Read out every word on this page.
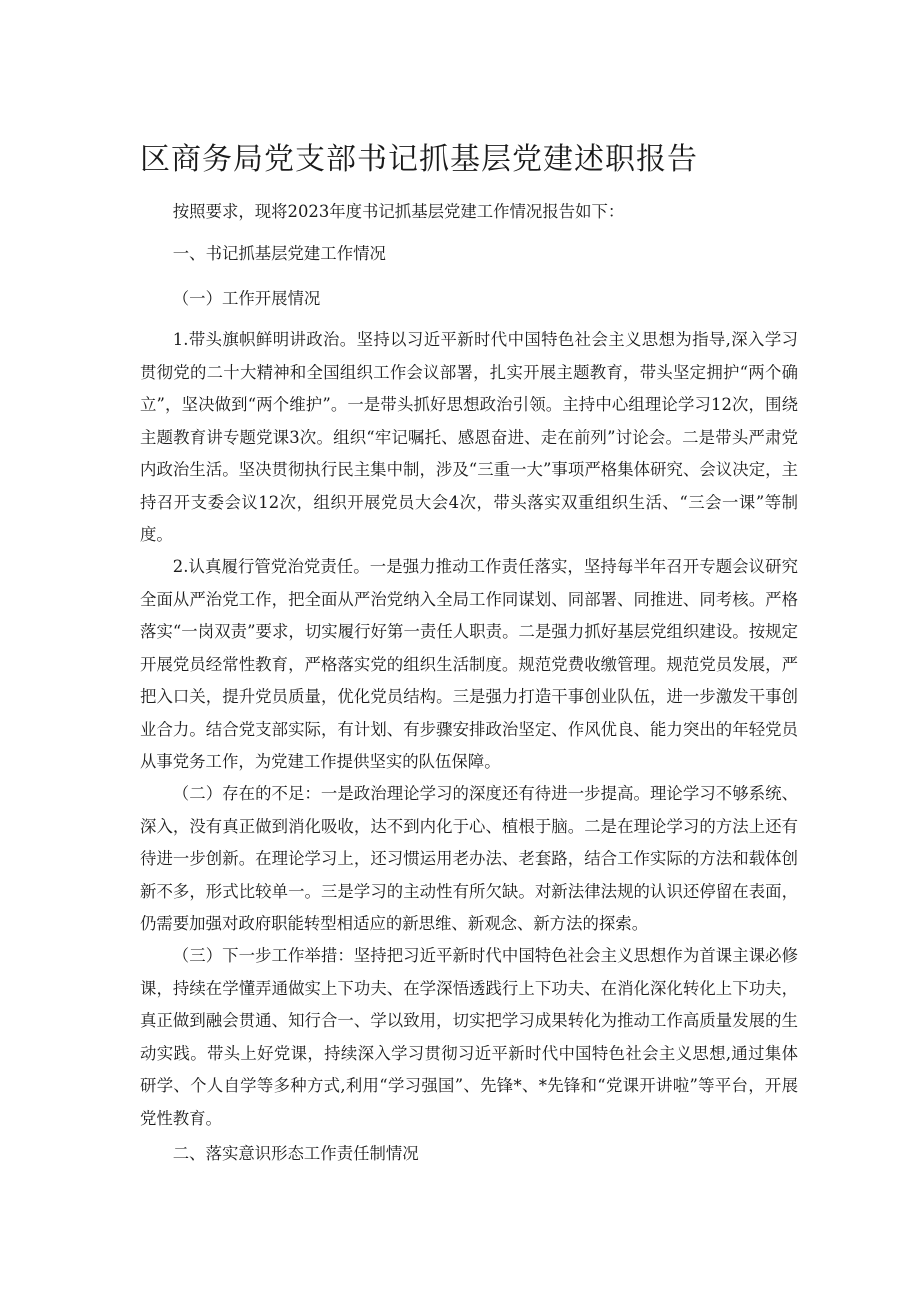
区商务局党支部书记抓基层党建述职报告

按照要求，现将2023年度书记抓基层党建工作情况报告如下：

一、书记抓基层党建工作情况

（一）工作开展情况

1.带头旗帜鲜明讲政治。坚持以习近平新时代中国特色社会主义思想为指导,深入学习贯彻党的二十大精神和全国组织工作会议部署，扎实开展主题教育，带头坚定拥护“两个确立”，坚决做到“两个维护”。一是带头抓好思想政治引领。主持中心组理论学习12次，围绕主题教育讲专题党课3次。组织“牢记嘱托、感恩奋进、走在前列”讨论会。二是带头严肃党内政治生活。坚决贯彻执行民主集中制，涉及“三重一大”事项严格集体研究、会议决定，主持召开支委会议12次，组织开展党员大会4次，带头落实双重组织生活、“三会一课”等制度。

2.认真履行管党治党责任。一是强力推动工作责任落实，坚持每半年召开专题会议研究全面从严治党工作，把全面从严治党纳入全局工作同谋划、同部署、同推进、同考核。严格落实“一岗双责”要求，切实履行好第一责任人职责。二是强力抓好基层党组织建设。按规定开展党员经常性教育，严格落实党的组织生活制度。规范党费收缴管理。规范党员发展，严把入口关，提升党员质量，优化党员结构。三是强力打造干事创业队伍，进一步激发干事创业合力。结合党支部实际，有计划、有步骤安排政治坚定、作风优良、能力突出的年轻党员从事党务工作，为党建工作提供坚实的队伍保障。

（二）存在的不足：一是政治理论学习的深度还有待进一步提高。理论学习不够系统、深入，没有真正做到消化吸收，达不到内化于心、植根于脑。二是在理论学习的方法上还有待进一步创新。在理论学习上，还习惯运用老办法、老套路，结合工作实际的方法和载体创新不多，形式比较单一。三是学习的主动性有所欠缺。对新法律法规的认识还停留在表面，仍需要加强对政府职能转型相适应的新思维、新观念、新方法的探索。

（三）下一步工作举措：坚持把习近平新时代中国特色社会主义思想作为首课主课必修课，持续在学懂弄通做实上下功夫、在学深悟透践行上下功夫、在消化深化转化上下功夫，真正做到融会贯通、知行合一、学以致用，切实把学习成果转化为推动工作高质量发展的生动实践。带头上好党课，持续深入学习贯彻习近平新时代中国特色社会主义思想,通过集体研学、个人自学等多种方式,利用“学习强国”、先锋*、*先锋和“党课开讲啦”等平台，开展党性教育。

二、落实意识形态工作责任制情况
